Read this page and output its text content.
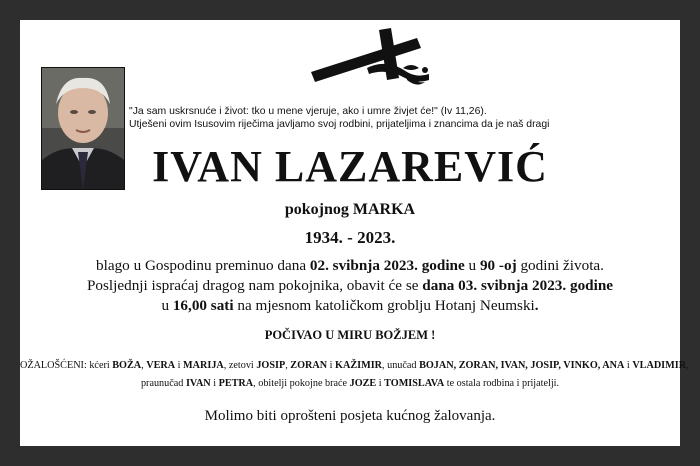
"Ja sam uskrsnuće i život: tko u mene vjeruje, ako i umre živjet će!" (Iv 11,26).
Utješeni ovim Isusovim riječima javljamo svoj rodbini, prijateljima i znancima da je naš dragi
IVAN LAZAREVIĆ
pokojnog MARKA
1934. - 2023.
blago u Gospodinu preminuo dana 02. svibnja 2023. godine u 90 -oj godini života.
Posljednji ispraćaj dragog nam pokojnika, obavit će se dana 03. svibnja 2023. godine
u 16,00 sati na mjesnom katoličkom groblju Hotanj Neumski.
POČIVAO U MIRU BOŽJEM !
OŽALOŠĆENI: kćeri BOŽA, VERA i MARIJA, zetovi JOSIP, ZORAN i KAŽIMIR, unučad BOJAN, ZORAN, IVAN, JOSIP, VINKO, ANA i VLADIMIR,
praunučad IVAN i PETRA, obitelji pokojne braće JOZE i TOMISLAVA te ostala rodbina i prijatelji.
Molimo biti oprošteni posjeta kućnog žalovanja.
